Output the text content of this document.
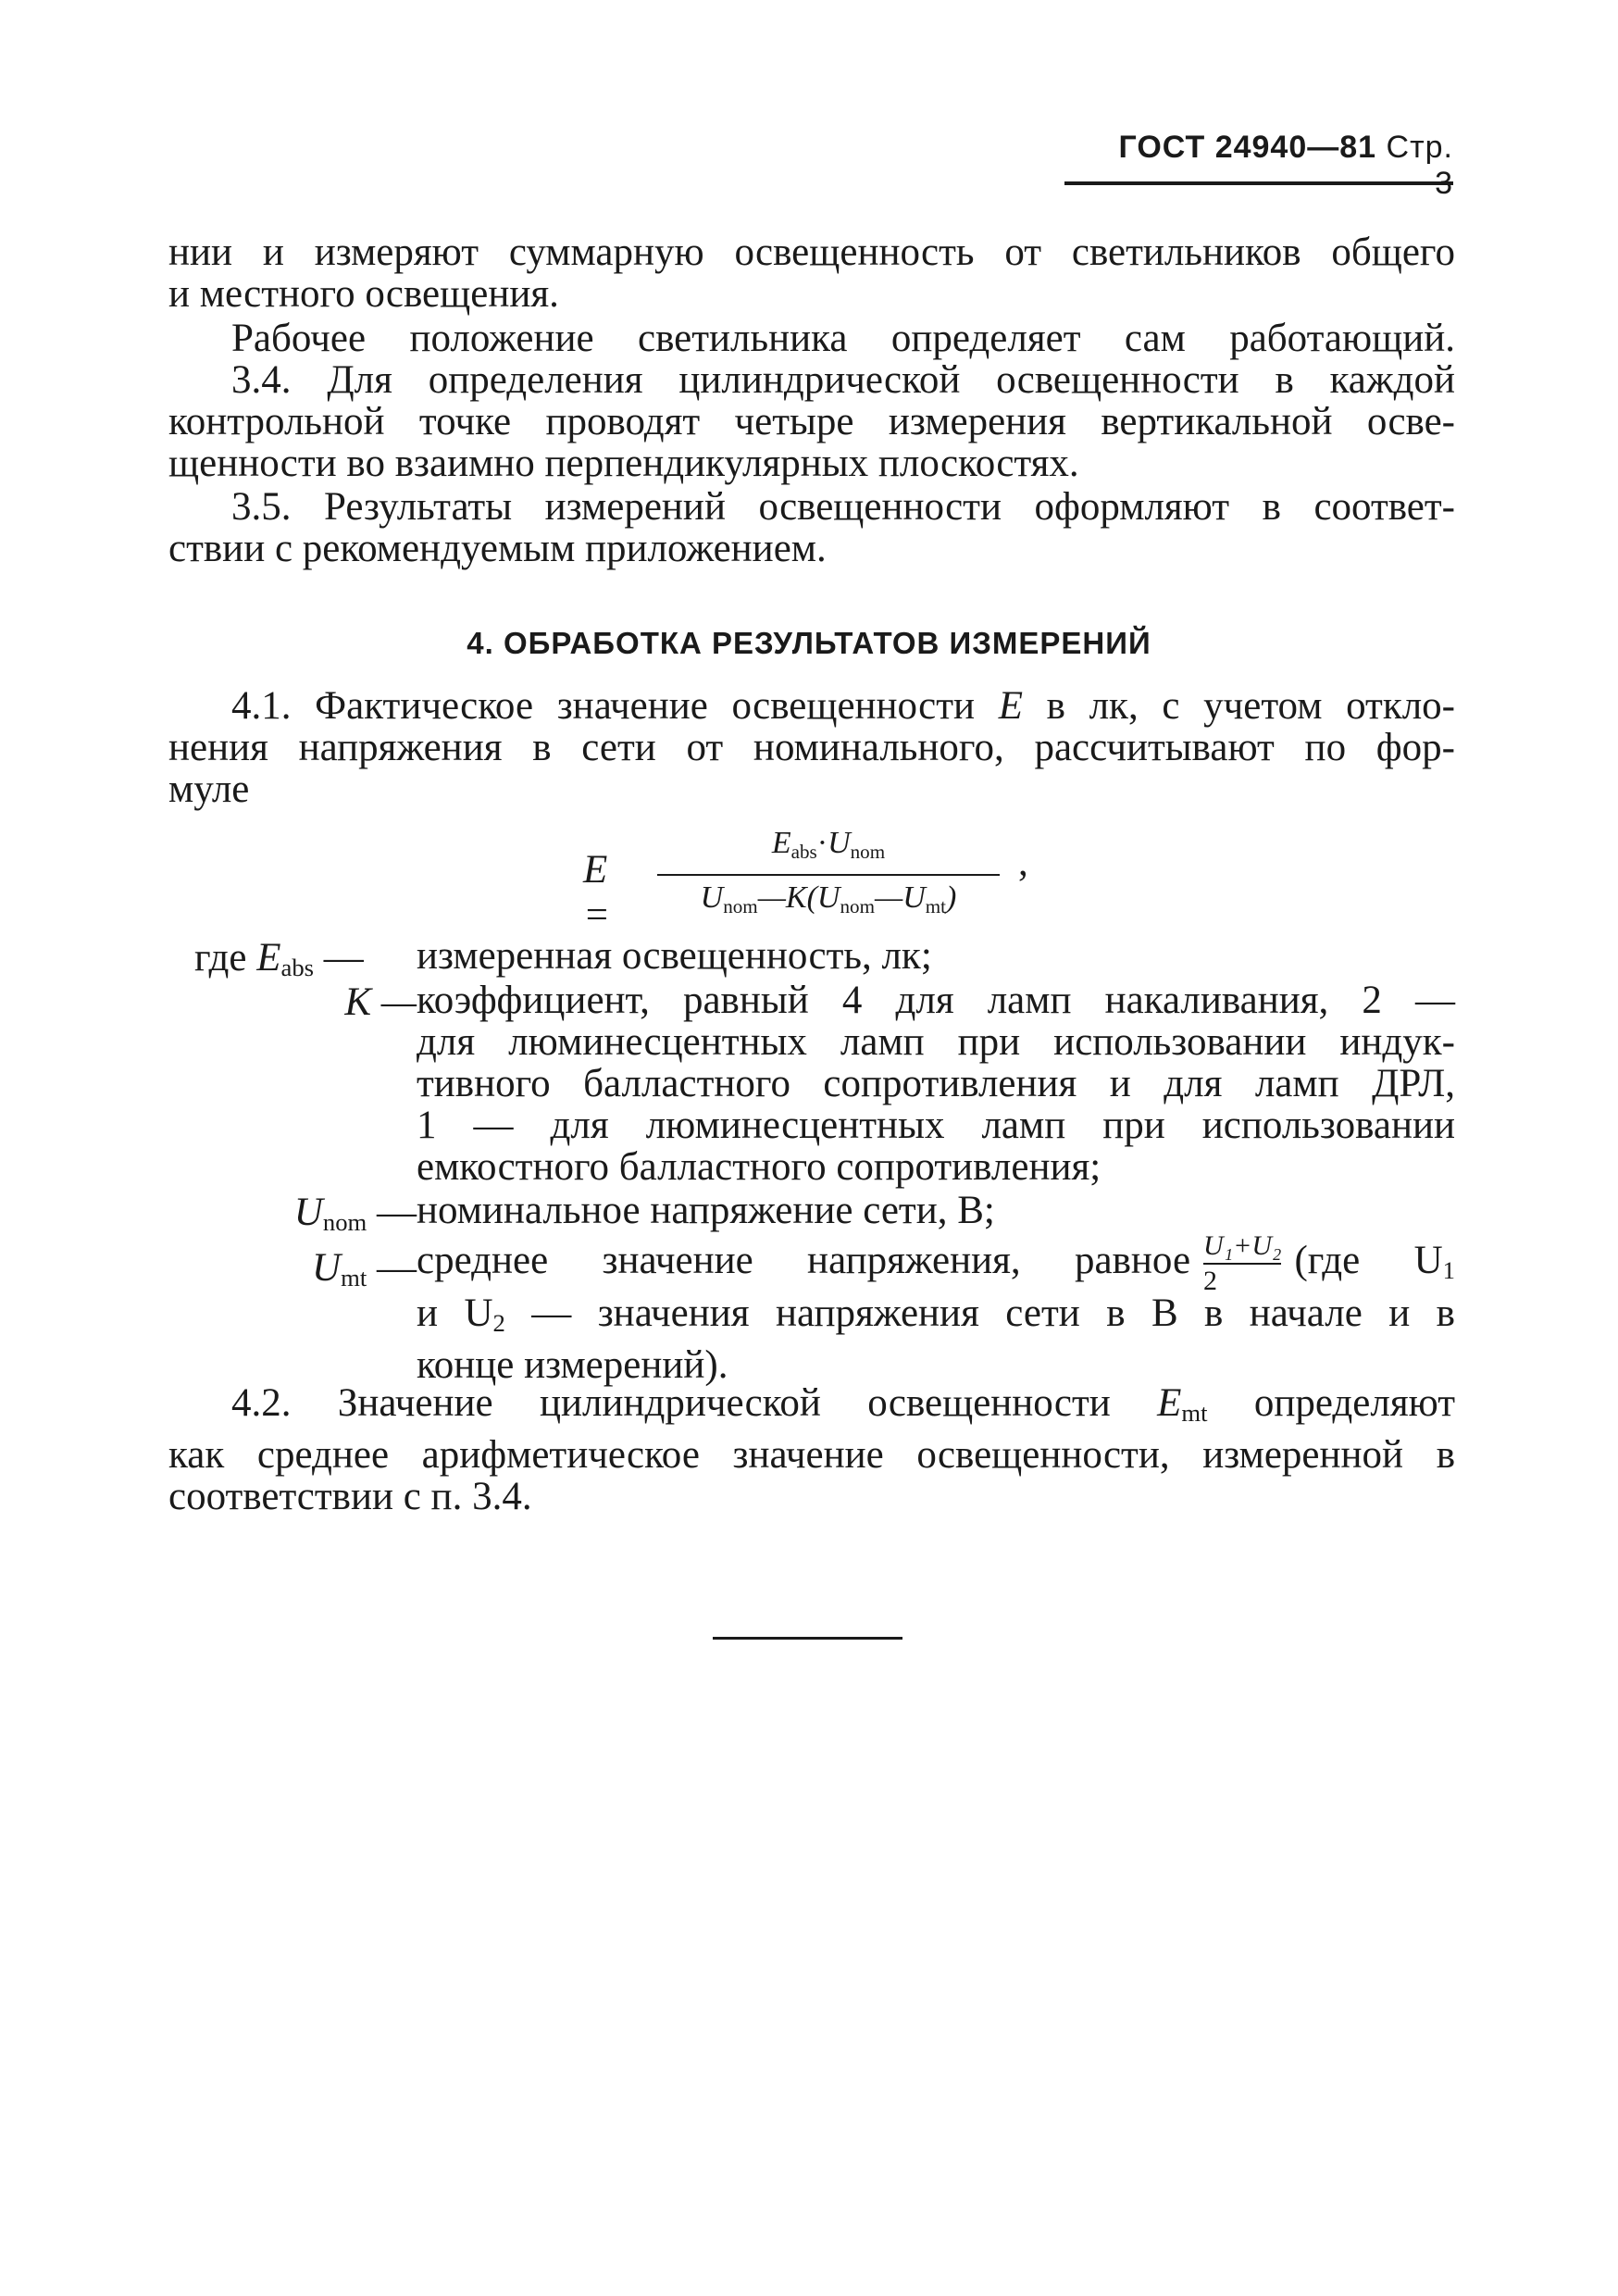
ГОСТ 24940—81 Стр.
нии и измеряют суммарную освещенность от светильников общего
и местного освещения.
Рабочее положение светильника определяет сам работающий.
3.4. Для определения цилиндрической освещенности в каждой
контрольной точке проводят четыре измерения вертикальной осве-
щенности во взаимно перпендикулярных плоскостях.
3.5. Результаты измерений освещенности оформляют в соответ-
ствии с рекомендуемым приложением.
4. ОБРАБОТКА РЕЗУЛЬТАТОВ ИЗМЕРЕНИЙ
4.1. Фактическое значение освещенности E в лк, с учетом откло-
нения напряжения в сети от номинального, рассчитывают по фор-
муле
E =
$E_{abs}\cdot U_{nom}$
$U_{nom}—K(U_{nom}—U_{mt})$
,
где $E_{abs}$ —	измеренная освещенность, лк;
K — коэффициент, равный 4 для ламп накаливания, 2 —
для люминесцентных ламп при использовании индук-
тивного балластного сопротивления и для ламп ДРЛ,
1 — для люминесцентных ламп при использовании
емкостного балластного сопротивления;
$U_{nom}$ — номинальное напряжение сети, В;
$U_{mt}$ — среднее значение напряжения, равное $\frac{\text{U₁+U₂}}{2} (где$ $U_1$
и $U_2$ — значения напряжения сети в В в начале и в
конце измерений).
4.2. Значение цилиндрической освещенности $E_{mt}$ определяют
как среднее арифметическое значение освещенности, измеренной в
соответствии с п. 3.4.
